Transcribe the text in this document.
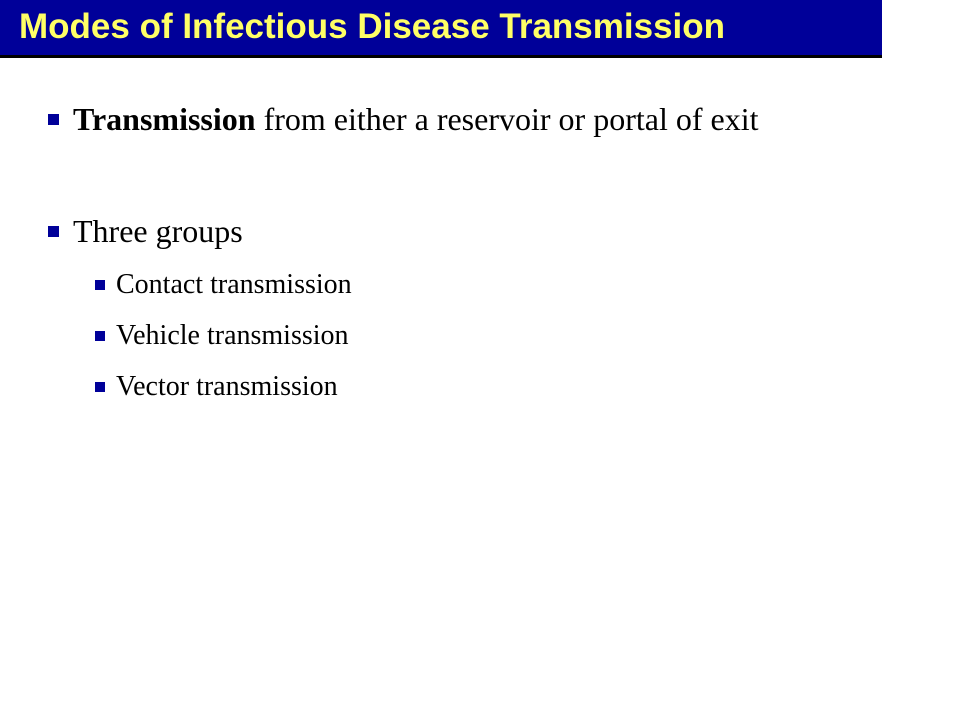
Modes of Infectious Disease Transmission
Transmission from either a reservoir or portal of exit
Three groups
Contact transmission
Vehicle transmission
Vector transmission
